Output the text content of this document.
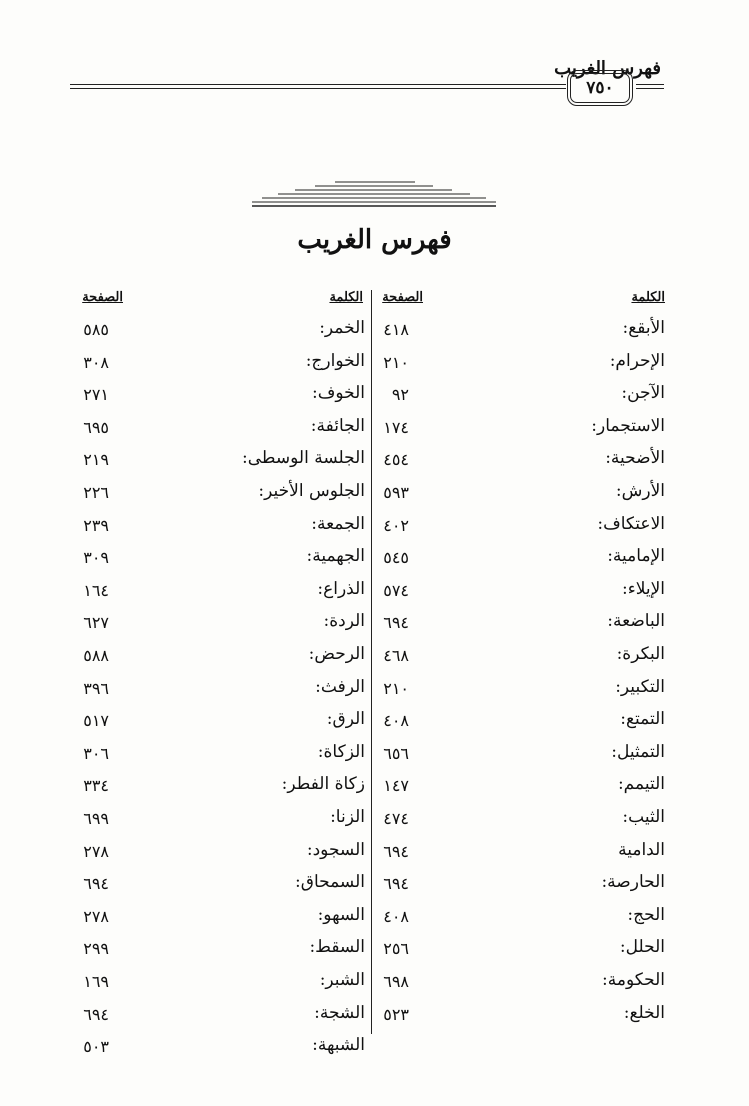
فهرس الغريب
٧٥٠
فهرس الغريب
الكلمة
الصفحة
الكلمة
الصفحة
الأبقع:
٤١٨
الإحرام:
٢١٠
الآجن:
٩٢
الاستجمار:
١٧٤
الأضحية:
٤٥٤
الأرش:
٥٩٣
الاعتكاف:
٤٠٢
الإمامية:
٥٤٥
الإيلاء:
٥٧٤
الباضعة:
٦٩٤
البكرة:
٤٦٨
التكبير:
٢١٠
التمتع:
٤٠٨
التمثيل:
٦٥٦
التيمم:
١٤٧
الثيب:
٤٧٤
الدامية
٦٩٤
الحارصة:
٦٩٤
الحج:
٤٠٨
الحلل:
٢٥٦
الحكومة:
٦٩٨
الخلع:
٥٢٣
الخمر:
٥٨٥
الخوارج:
٣٠٨
الخوف:
٢٧١
الجائفة:
٦٩٥
الجلسة الوسطى:
٢١٩
الجلوس الأخير:
٢٢٦
الجمعة:
٢٣٩
الجهمية:
٣٠٩
الذراع:
١٦٤
الردة:
٦٢٧
الرحض:
٥٨٨
الرفث:
٣٩٦
الرق:
٥١٧
الزكاة:
٣٠٦
زكاة الفطر:
٣٣٤
الزنا:
٦٩٩
السجود:
٢٧٨
السمحاق:
٦٩٤
السهو:
٢٧٨
السقط:
٢٩٩
الشبر:
١٦٩
الشجة:
٦٩٤
الشبهة:
٥٠٣
